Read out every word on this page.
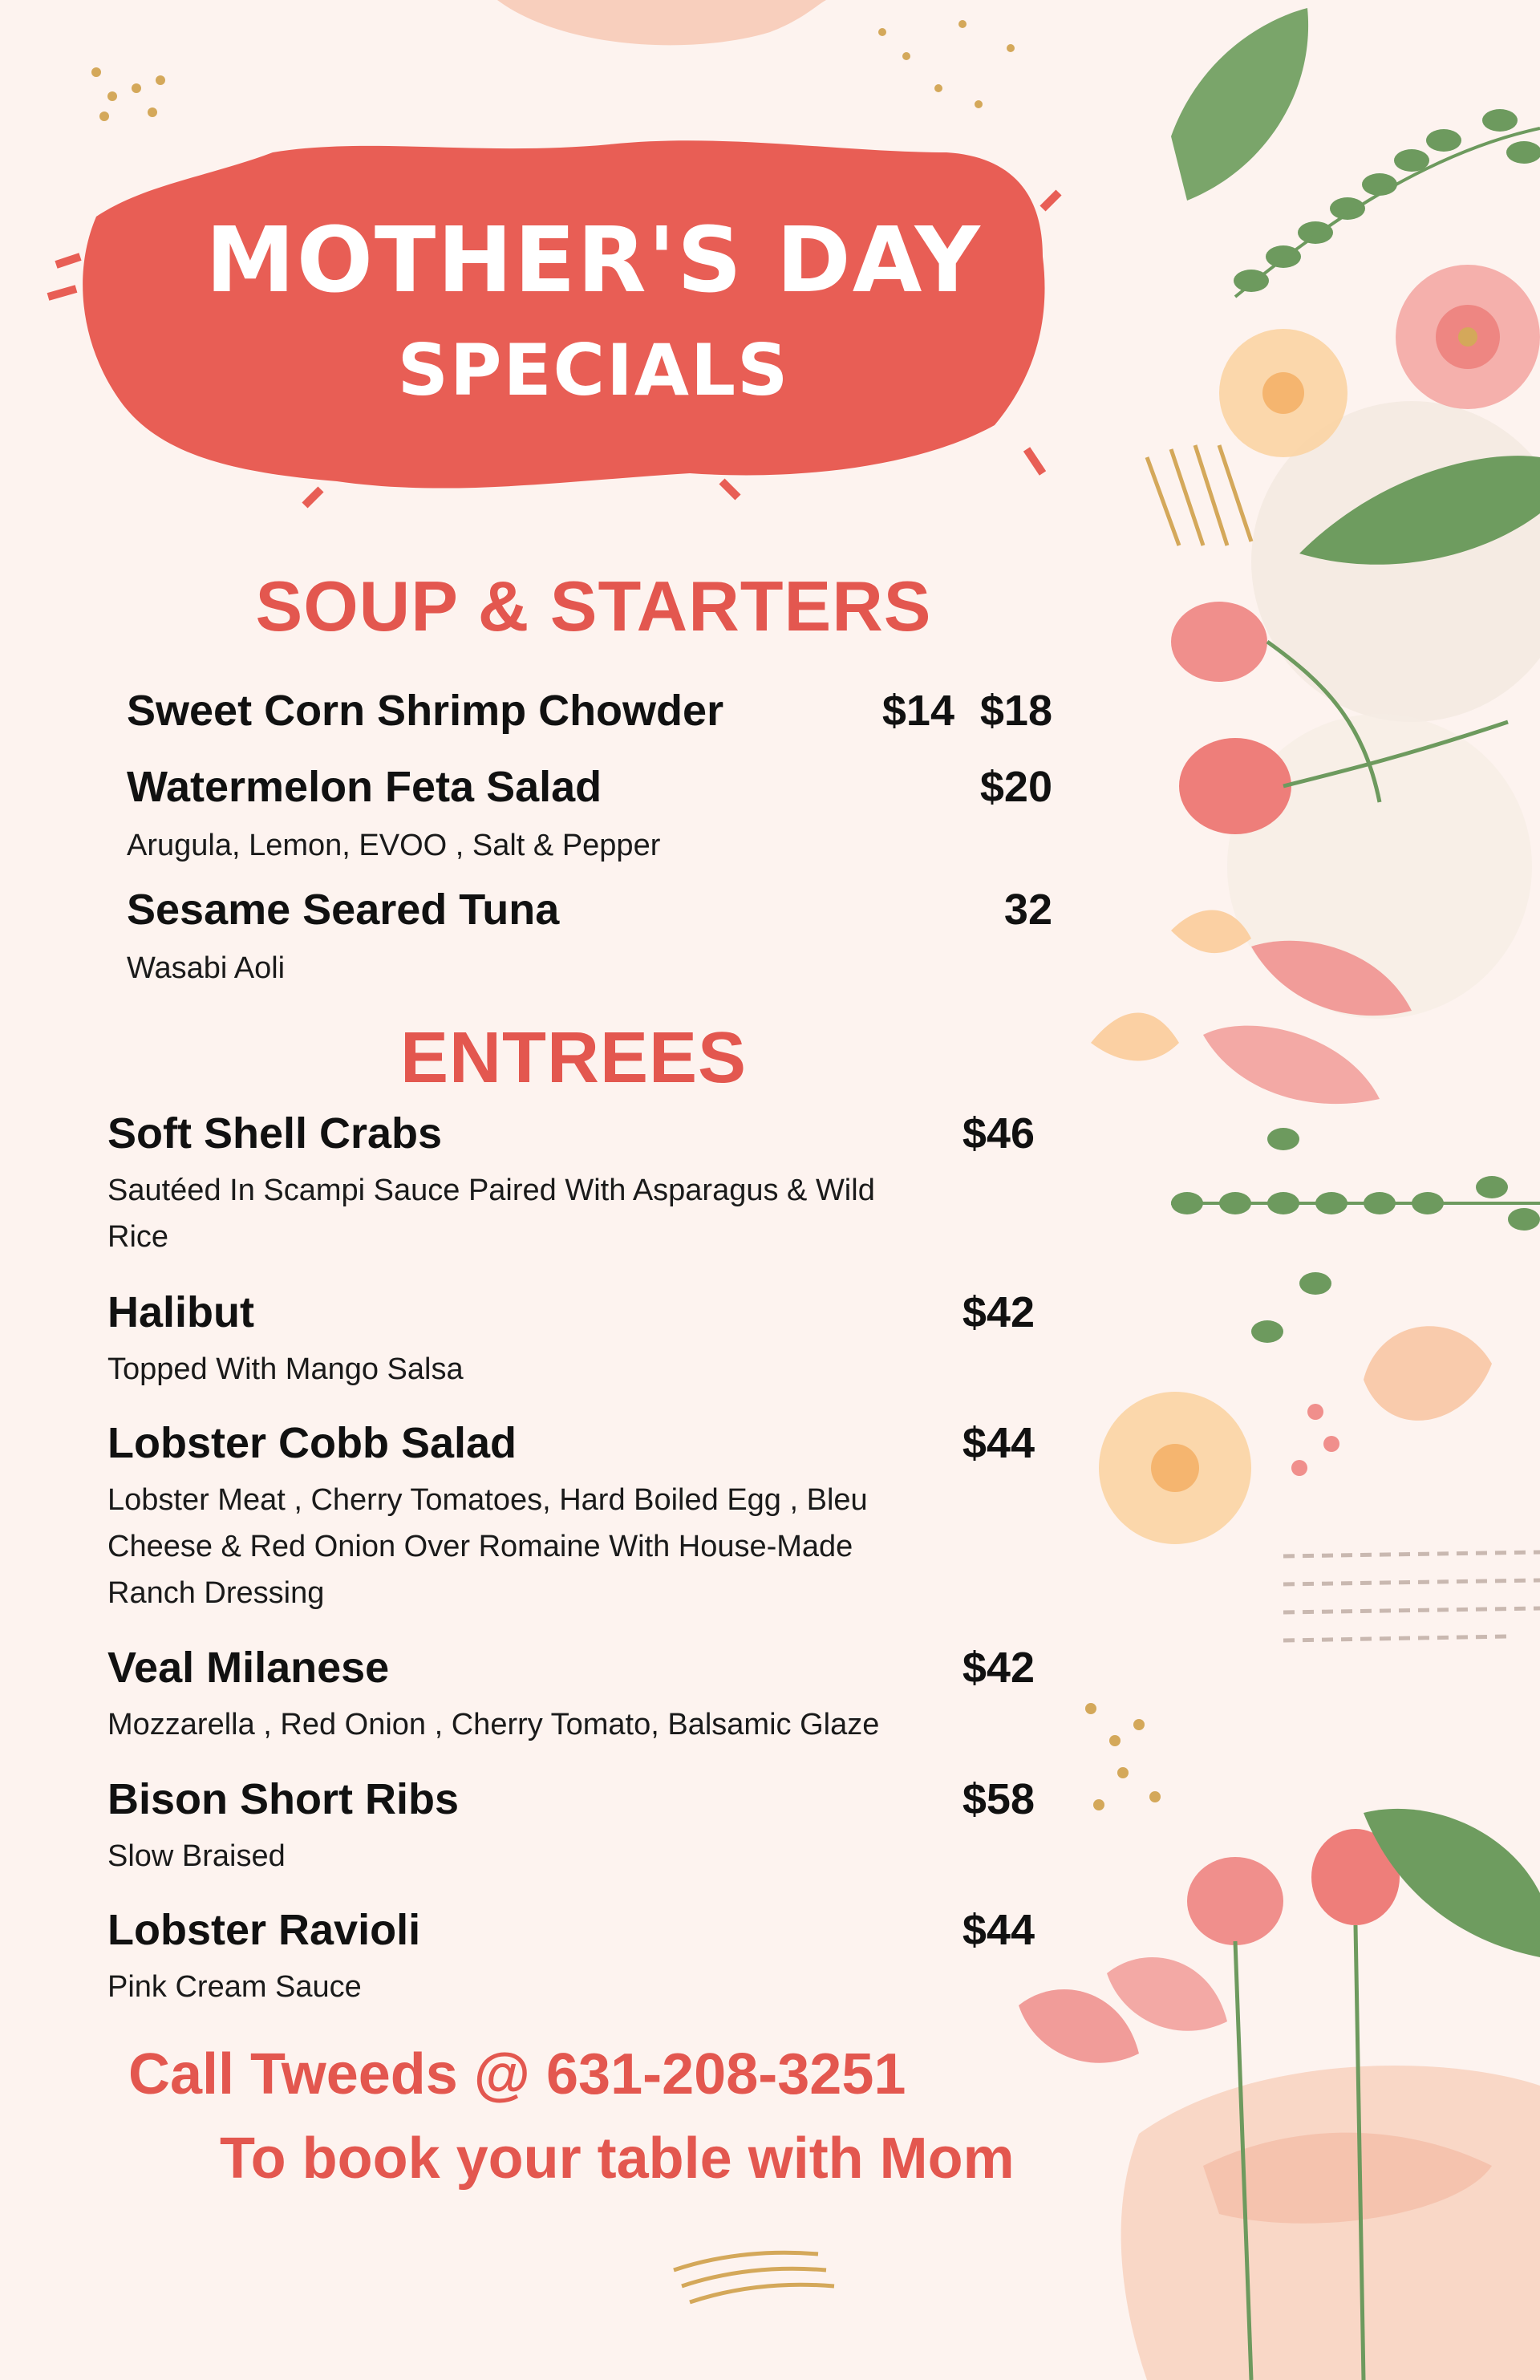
MOTHER'S DAY
SPECIALS
SOUP & STARTERS
Sweet Corn Shrimp Chowder	$14 $18
Watermelon Feta Salad	$20
Arugula, Lemon, EVOO , Salt & Pepper
Sesame Seared Tuna	32
Wasabi Aoli
ENTREES
Soft Shell Crabs	$46
Sautéed In Scampi Sauce Paired With Asparagus & Wild
Rice
Halibut	$42
Topped With Mango Salsa
Lobster Cobb Salad	$44
Lobster Meat , Cherry Tomatoes, Hard Boiled Egg , Bleu
Cheese & Red Onion Over Romaine With House-Made
Ranch Dressing
Veal Milanese	$42
Mozzarella , Red Onion , Cherry Tomato, Balsamic Glaze
Bison Short Ribs	$58
Slow Braised
Lobster Ravioli	$44
Pink Cream Sauce
Call Tweeds @ 631-208-3251
To book your table with Mom
